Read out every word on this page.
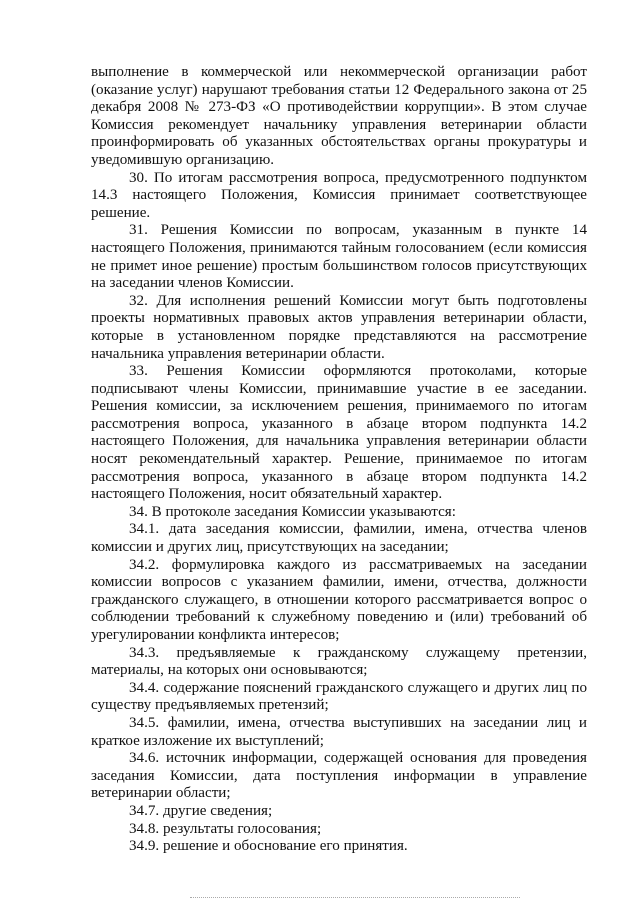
выполнение в коммерческой или некоммерческой организации работ (оказание услуг) нарушают требования статьи 12 Федерального закона от 25 декабря 2008 № 273-ФЗ «О противодействии коррупции». В этом случае Комиссия рекомендует начальнику управления ветеринарии области проинформировать об указанных обстоятельствах органы прокуратуры и уведомившую организацию.

30. По итогам рассмотрения вопроса, предусмотренного подпунктом 14.3 настоящего Положения, Комиссия принимает соответствующее решение.

31. Решения Комиссии по вопросам, указанным в пункте 14 настоящего Положения, принимаются тайным голосованием (если комиссия не примет иное решение) простым большинством голосов присутствующих на заседании членов Комиссии.

32. Для исполнения решений Комиссии могут быть подготовлены проекты нормативных правовых актов управления ветеринарии области, которые в установленном порядке представляются на рассмотрение начальника управления ветеринарии области.

33. Решения Комиссии оформляются протоколами, которые подписывают члены Комиссии, принимавшие участие в ее заседании. Решения комиссии, за исключением решения, принимаемого по итогам рассмотрения вопроса, указанного в абзаце втором подпункта 14.2 настоящего Положения, для начальника управления ветеринарии области носят рекомендательный характер. Решение, принимаемое по итогам рассмотрения вопроса, указанного в абзаце втором подпункта 14.2 настоящего Положения, носит обязательный характер.

34. В протоколе заседания Комиссии указываются:

34.1. дата заседания комиссии, фамилии, имена, отчества членов комиссии и других лиц, присутствующих на заседании;

34.2. формулировка каждого из рассматриваемых на заседании комиссии вопросов с указанием фамилии, имени, отчества, должности гражданского служащего, в отношении которого рассматривается вопрос о соблюдении требований к служебному поведению и (или) требований об урегулировании конфликта интересов;

34.3. предъявляемые к гражданскому служащему претензии, материалы, на которых они основываются;

34.4. содержание пояснений гражданского служащего и других лиц по существу предъявляемых претензий;

34.5. фамилии, имена, отчества выступивших на заседании лиц и краткое изложение их выступлений;

34.6. источник информации, содержащей основания для проведения заседания Комиссии, дата поступления информации в управление ветеринарии области;

34.7. другие сведения;

34.8. результаты голосования;

34.9. решение и обоснование его принятия.
